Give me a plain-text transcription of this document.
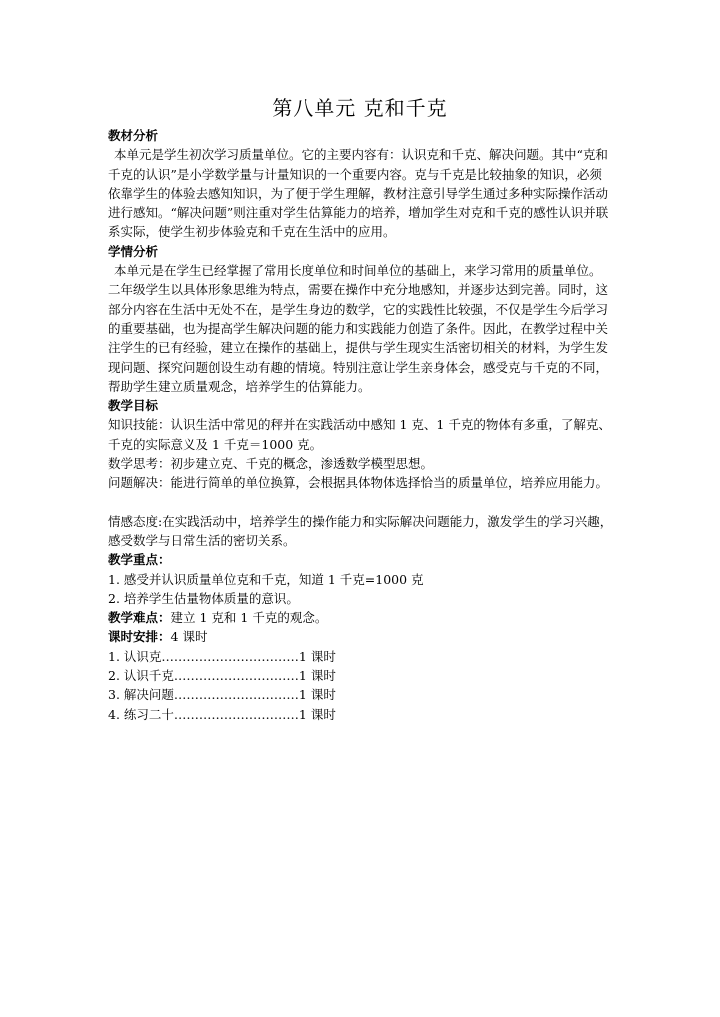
第八单元 克和千克
教材分析
本单元是学生初次学习质量单位。它的主要内容有：认识克和千克、解决问题。其中“克和千克的认识”是小学数学量与计量知识的一个重要内容。克与千克是比较抽象的知识，必须依靠学生的体验去感知知识，为了便于学生理解，教材注意引导学生通过多种实际操作活动进行感知。“解决问题”则注重对学生估算能力的培养，增加学生对克和千克的感性认识并联系实际，使学生初步体验克和千克在生活中的应用。
学情分析
本单元是在学生已经掌握了常用长度单位和时间单位的基础上，来学习常用的质量单位。二年级学生以具体形象思维为特点，需要在操作中充分地感知，并逐步达到完善。同时，这部分内容在生活中无处不在，是学生身边的数学，它的实践性比较强，不仅是学生今后学习的重要基础，也为提高学生解决问题的能力和实践能力创造了条件。因此，在教学过程中关注学生的已有经验，建立在操作的基础上，提供与学生现实生活密切相关的材料，为学生发现问题、探究问题创设生动有趣的情境。特别注意让学生亲身体会，感受克与千克的不同，帮助学生建立质量观念，培养学生的估算能力。
教学目标
知识技能：认识生活中常见的秤并在实践活动中感知 1 克、1 千克的物体有多重，了解克、千克的实际意义及 1 千克＝1000 克。
数学思考：初步建立克、千克的概念，渗透数学模型思想。
问题解决：能进行简单的单位换算，会根据具体物体选择恰当的质量单位，培养应用能力。
情感态度:在实践活动中，培养学生的操作能力和实际解决问题能力，激发学生的学习兴趣，感受数学与日常生活的密切关系。
教学重点：
1. 感受并认识质量单位克和千克，知道 1 千克=1000 克
2. 培养学生估量物体质量的意识。
教学难点：建立 1 克和 1 千克的观念。
课时安排：4 课时
1. 认识克……………………………1 课时
2. 认识千克…………………………1 课时
3. 解决问题…………………………1 课时
4. 练习二十…………………………1 课时
